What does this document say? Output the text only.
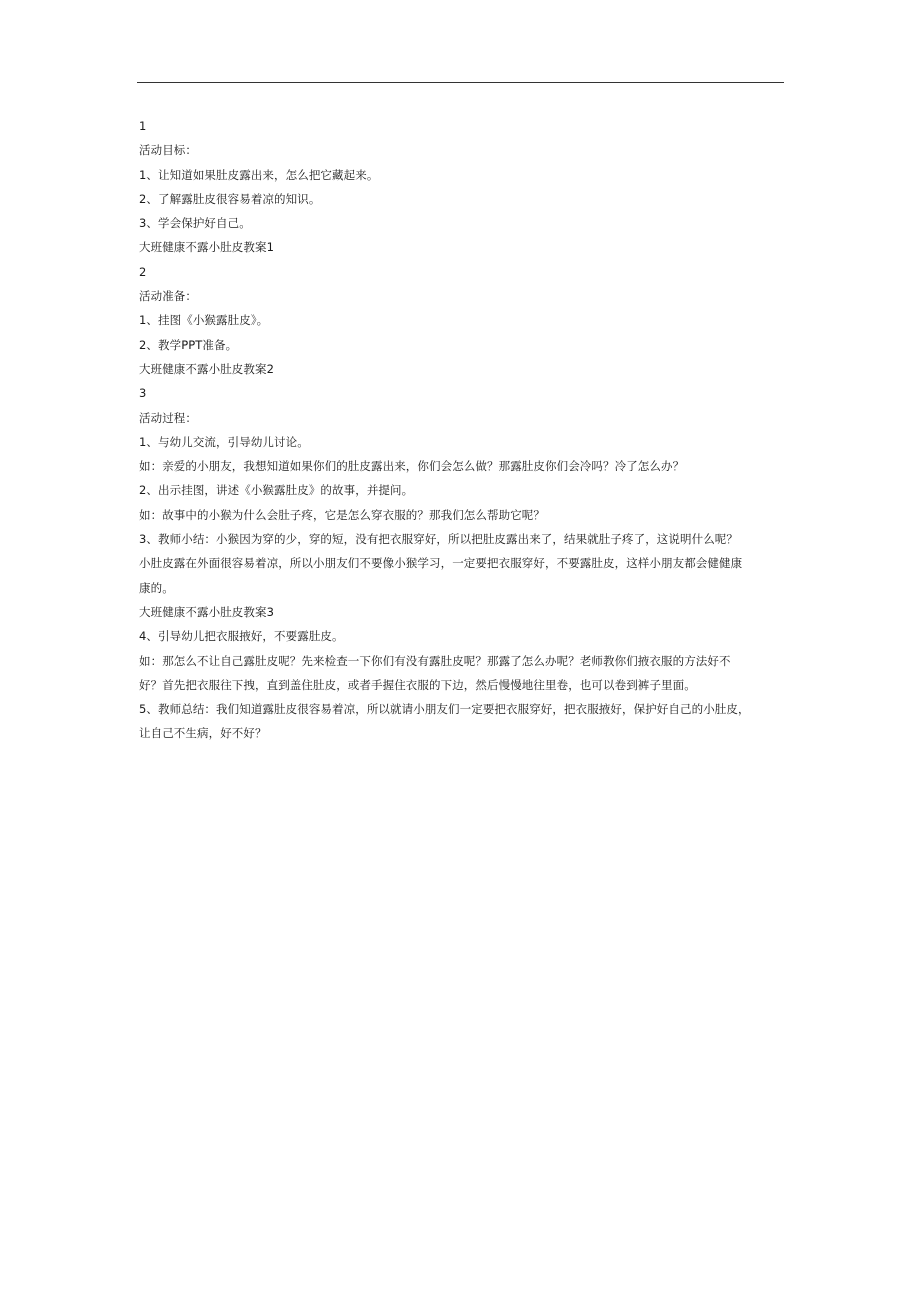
1
活动目标：
1、让知道如果肚皮露出来，怎么把它藏起来。
2、了解露肚皮很容易着凉的知识。
3、学会保护好自己。
大班健康不露小肚皮教案1
2
活动准备：
1、挂图《小猴露肚皮》。
2、教学PPT准备。
大班健康不露小肚皮教案2
3
活动过程：
1、与幼儿交流，引导幼儿讨论。
如：亲爱的小朋友，我想知道如果你们的肚皮露出来，你们会怎么做？那露肚皮你们会冷吗？冷了怎么办？
2、出示挂图，讲述《小猴露肚皮》的故事，并提问。
如：故事中的小猴为什么会肚子疼，它是怎么穿衣服的？那我们怎么帮助它呢？
3、教师小结：小猴因为穿的少，穿的短，没有把衣服穿好，所以把肚皮露出来了，结果就肚子疼了，这说明什么呢？
小肚皮露在外面很容易着凉，所以小朋友们不要像小猴学习，一定要把衣服穿好，不要露肚皮，这样小朋友都会健健康
康的。
大班健康不露小肚皮教案3
4、引导幼儿把衣服掖好，不要露肚皮。
如：那怎么不让自己露肚皮呢？先来检查一下你们有没有露肚皮呢？那露了怎么办呢？老师教你们掖衣服的方法好不
好？首先把衣服往下拽，直到盖住肚皮，或者手握住衣服的下边，然后慢慢地往里卷，也可以卷到裤子里面。
5、教师总结：我们知道露肚皮很容易着凉，所以就请小朋友们一定要把衣服穿好，把衣服掖好，保护好自己的小肚皮，
让自己不生病，好不好？
